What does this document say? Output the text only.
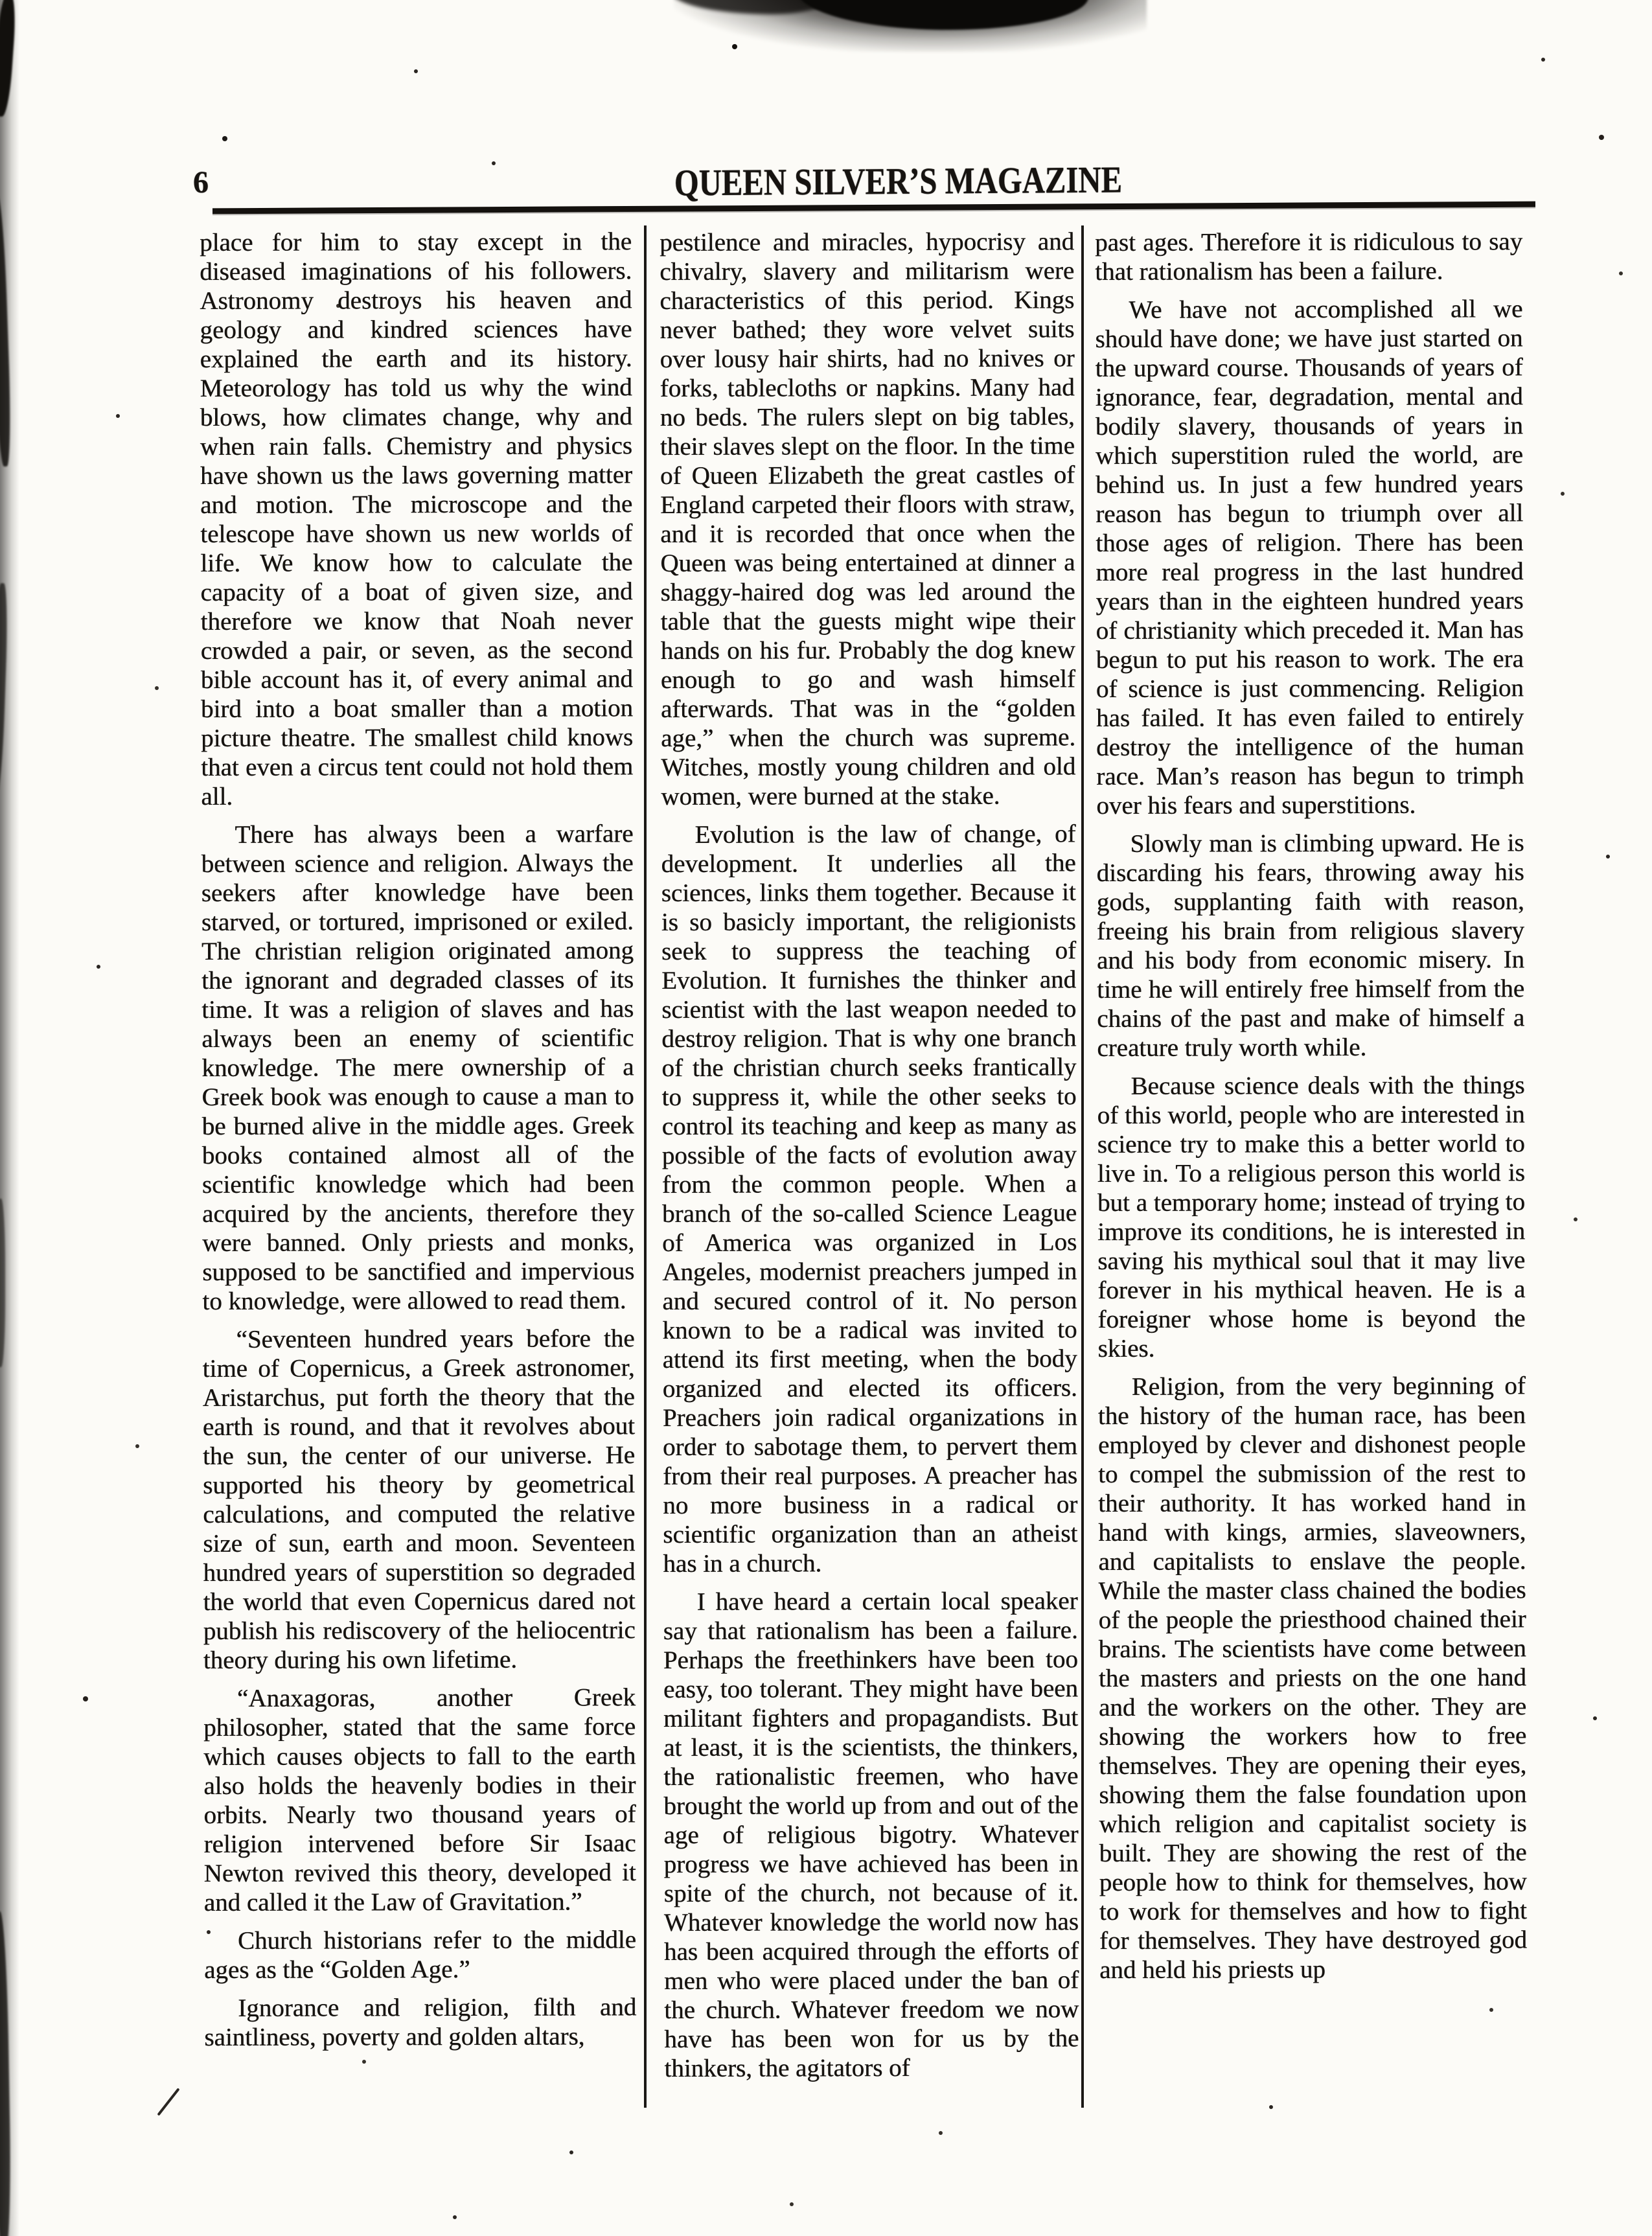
6	QUEEN SILVER’S MAGAZINE

place for him to stay except in the diseased imaginations of his followers. Astronomy destroys his heaven and geology and kindred sciences have explained the earth and its history. Meteorology has told us why the wind blows, how climates change, why and when rain falls. Chemistry and physics have shown us the laws governing matter and motion. The microscope and the telescope have shown us new worlds of life. We know how to calculate the capacity of a boat of given size, and therefore we know that Noah never crowded a pair, or seven, as the second bible account has it, of every animal and bird into a boat smaller than a motion picture theatre. The smallest child knows that even a circus tent could not hold them all.

There has always been a warfare between science and religion. Always the seekers after knowledge have been starved, or tortured, imprisoned or exiled. The christian religion originated among the ignorant and degraded classes of its time. It was a religion of slaves and has always been an enemy of scientific knowledge. The mere ownership of a Greek book was enough to cause a man to be burned alive in the middle ages. Greek books contained almost all of the scientific knowledge which had been acquired by the ancients, therefore they were banned. Only priests and monks, supposed to be sanctified and impervious to knowledge, were allowed to read them.

“Seventeen hundred years before the time of Copernicus, a Greek astronomer, Aristarchus, put forth the theory that the earth is round, and that it revolves about the sun, the center of our universe. He supported his theory by geometrical calculations, and computed the relative size of sun, earth and moon. Seventeen hundred years of superstition so degraded the world that even Copernicus dared not publish his rediscovery of the heliocentric theory during his own lifetime.

“Anaxagoras, another Greek philosopher, stated that the same force which causes objects to fall to the earth also holds the heavenly bodies in their orbits. Nearly two thousand years of religion intervened before Sir Isaac Newton revived this theory, developed it and called it the Law of Gravitation.”

Church historians refer to the middle ages as the “Golden Age.”

Ignorance and religion, filth and saintliness, poverty and golden altars,

pestilence and miracles, hypocrisy and chivalry, slavery and militarism were characteristics of this period. Kings never bathed; they wore velvet suits over lousy hair shirts, had no knives or forks, tablecloths or napkins. Many had no beds. The rulers slept on big tables, their slaves slept on the floor. In the time of Queen Elizabeth the great castles of England carpeted their floors with straw, and it is recorded that once when the Queen was being entertained at dinner a shaggy-haired dog was led around the table that the guests might wipe their hands on his fur. Probably the dog knew enough to go and wash himself afterwards. That was in the “golden age,” when the church was supreme. Witches, mostly young children and old women, were burned at the stake.

Evolution is the law of change, of development. It underlies all the sciences, links them together. Because it is so basicly important, the religionists seek to suppress the teaching of Evolution. It furnishes the thinker and scientist with the last weapon needed to destroy religion. That is why one branch of the christian church seeks frantically to suppress it, while the other seeks to control its teaching and keep as many as possible of the facts of evolution away from the common people. When a branch of the so-called Science League of America was organized in Los Angeles, modernist preachers jumped in and secured control of it. No person known to be a radical was invited to attend its first meeting, when the body organized and elected its officers. Preachers join radical organizations in order to sabotage them, to pervert them from their real purposes. A preacher has no more business in a radical or scientific organization than an atheist has in a church.

I have heard a certain local speaker say that rationalism has been a failure. Perhaps the freethinkers have been too easy, too tolerant. They might have been militant fighters and propagandists. But at least, it is the scientists, the thinkers, the rationalistic freemen, who have brought the world up from and out of the age of religious bigotry. Whatever progress we have achieved has been in spite of the church, not because of it. Whatever knowledge the world now has has been acquired through the efforts of men who were placed under the ban of the church. Whatever freedom we now have has been won for us by the thinkers, the agitators of

past ages. Therefore it is ridiculous to say that rationalism has been a failure.

We have not accomplished all we should have done; we have just started on the upward course. Thousands of years of ignorance, fear, degradation, mental and bodily slavery, thousands of years in which superstition ruled the world, are behind us. In just a few hundred years reason has begun to triumph over all those ages of religion. There has been more real progress in the last hundred years than in the eighteen hundred years of christianity which preceded it. Man has begun to put his reason to work. The era of science is just commencing. Religion has failed. It has even failed to entirely destroy the intelligence of the human race. Man’s reason has begun to trimph over his fears and superstitions.

Slowly man is climbing upward. He is discarding his fears, throwing away his gods, supplanting faith with reason, freeing his brain from religious slavery and his body from economic misery. In time he will entirely free himself from the chains of the past and make of himself a creature truly worth while.

Because science deals with the things of this world, people who are interested in science try to make this a better world to live in. To a religious person this world is but a temporary home; instead of trying to improve its conditions, he is interested in saving his mythical soul that it may live forever in his mythical heaven. He is a foreigner whose home is beyond the skies.

Religion, from the very beginning of the history of the human race, has been employed by clever and dishonest people to compel the submission of the rest to their authority. It has worked hand in hand with kings, armies, slaveowners, and capitalists to enslave the people. While the master class chained the bodies of the people the priesthood chained their brains. The scientists have come between the masters and priests on the one hand and the workers on the other. They are showing the workers how to free themselves. They are opening their eyes, showing them the false foundation upon which religion and capitalist society is built. They are showing the rest of the people how to think for themselves, how to work for themselves and how to fight for themselves. They have destroyed god and held his priests up
